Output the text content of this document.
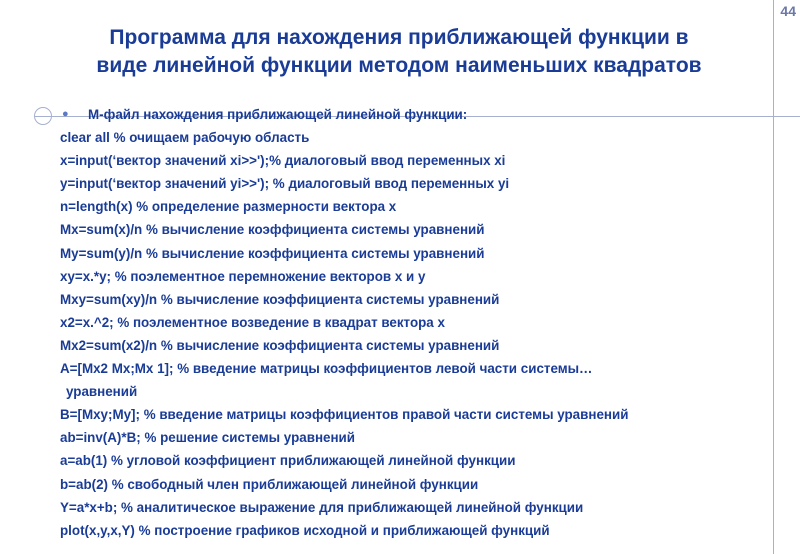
44
Программа для нахождения приближающей функции в
виде линейной функции методом наименьших квадратов
● М-файл нахождения приближающей линейной функции:
clear all % очищаем рабочую область
x=input(‘вектор значений xi>>');% диалоговый ввод переменных xi
y=input(‘вектор значений yi>>'); % диалоговый ввод переменных yi
n=length(x) % определение размерности вектора x
Mx=sum(x)/n % вычисление коэффициента системы уравнений
My=sum(y)/n % вычисление коэффициента системы уравнений
xy=x.*y; % поэлементное перемножение векторов x и y
Mxy=sum(xy)/n % вычисление коэффициента системы уравнений
x2=x.^2; % поэлементное возведение в квадрат вектора x
Mx2=sum(x2)/n % вычисление коэффициента системы уравнений
A=[Mx2 Mx;Mx 1]; % введение матрицы коэффициентов левой части системы…
уравнений
B=[Mxy;My]; % введение матрицы коэффициентов правой части системы уравнений
ab=inv(A)*B; % решение системы уравнений
a=ab(1) % угловой коэффициент приближающей линейной функции
b=ab(2) % свободный член приближающей линейной функции
Y=a*x+b; % аналитическое выражение для приближающей линейной функции
plot(x,y,x,Y) % построение графиков исходной и приближающей функций
